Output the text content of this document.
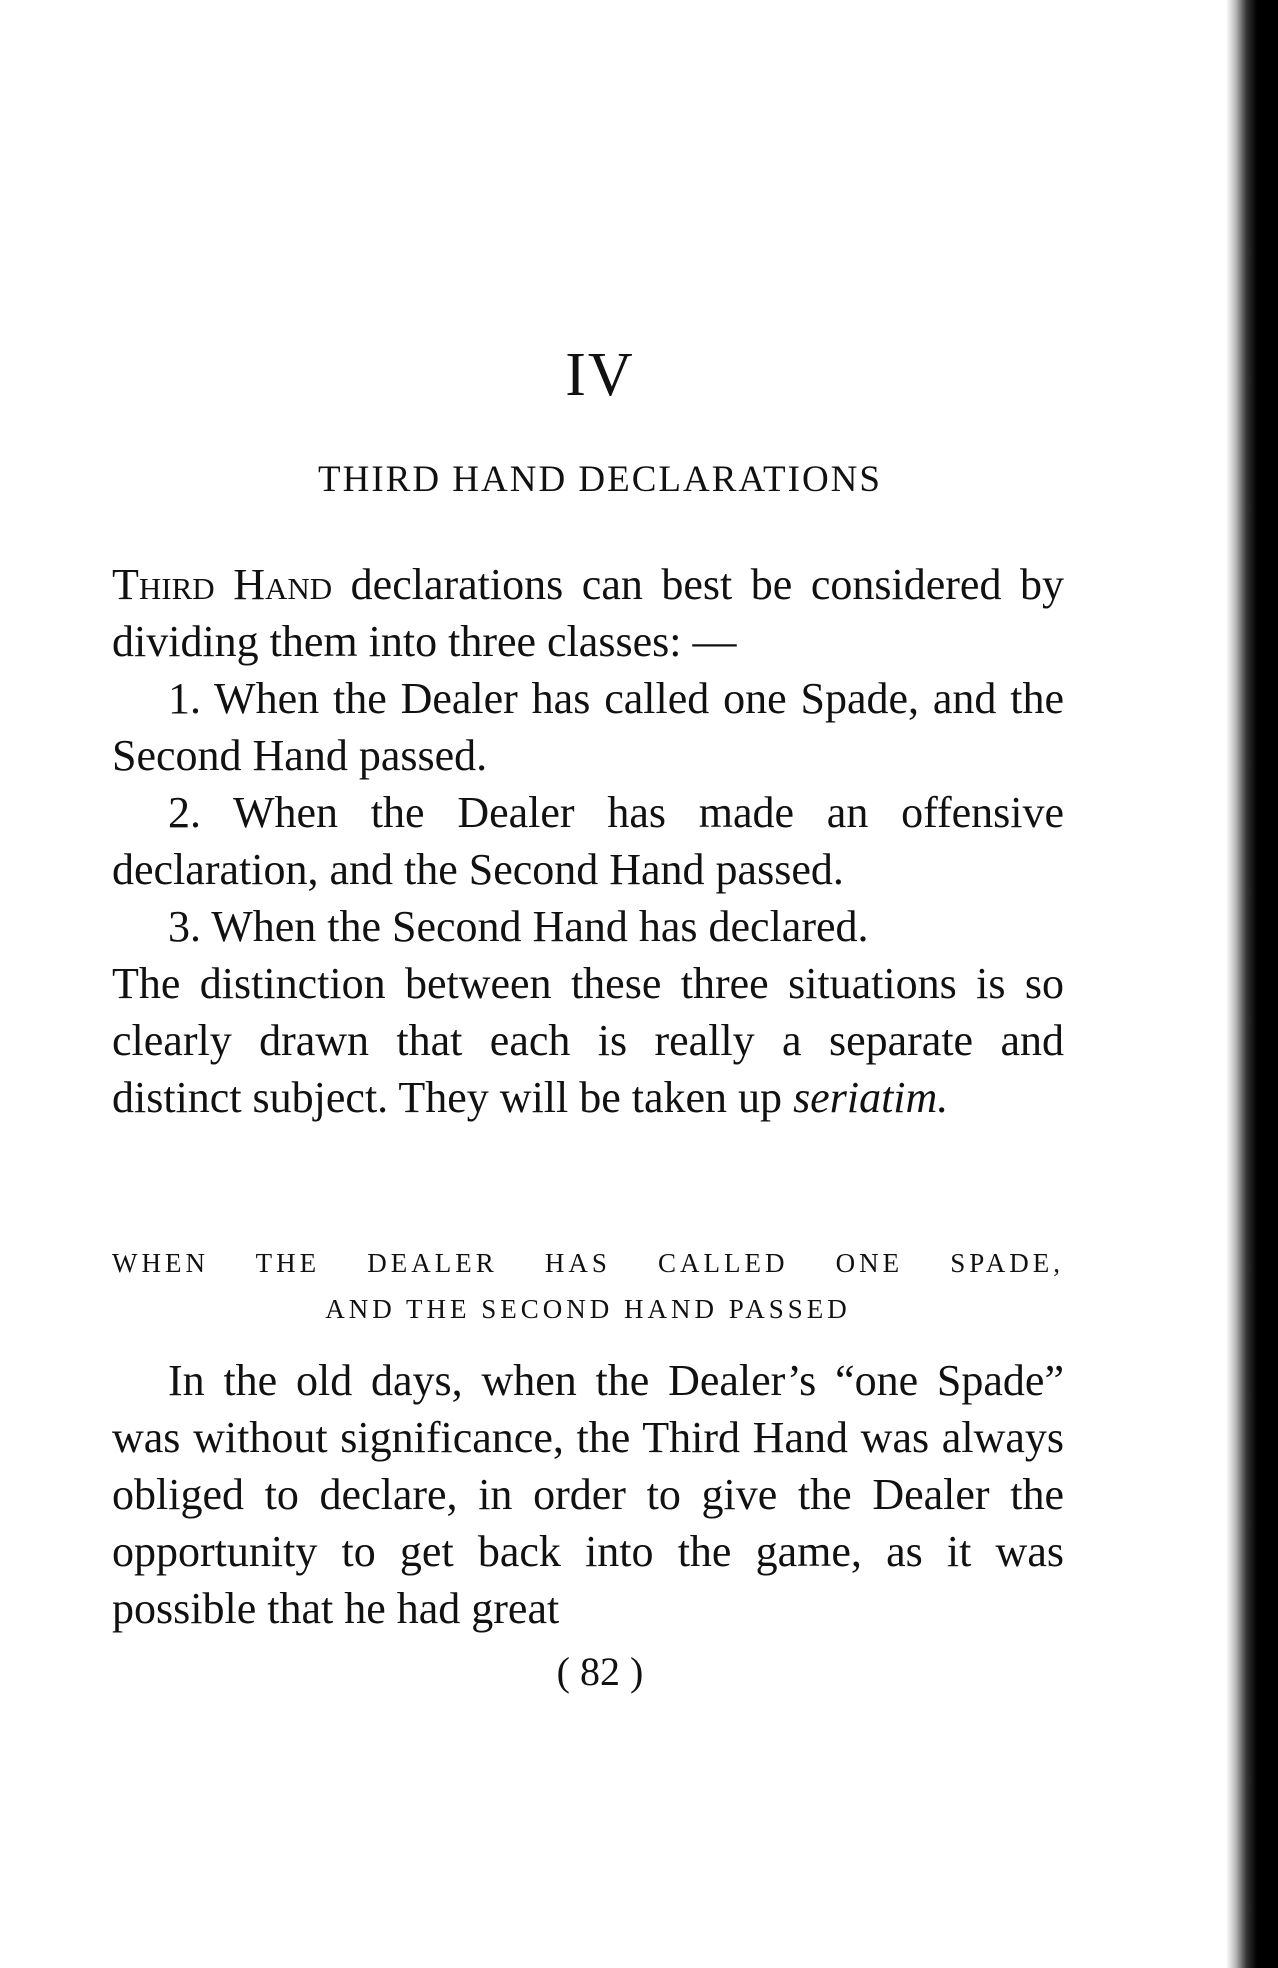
IV
THIRD HAND DECLARATIONS

Third Hand declarations can best be considered by dividing them into three classes: —

1. When the Dealer has called one Spade, and the Second Hand passed.

2. When the Dealer has made an offensive declaration, and the Second Hand passed.

3. When the Second Hand has declared.

The distinction between these three situations is so clearly drawn that each is really a separate and distinct subject. They will be taken up seriatim.

WHEN THE DEALER HAS CALLED ONE SPADE,
AND THE SECOND HAND PASSED

In the old days, when the Dealer’s “one Spade” was without significance, the Third Hand was always obliged to declare, in order to give the Dealer the opportunity to get back into the game, as it was possible that he had great

( 82 )
